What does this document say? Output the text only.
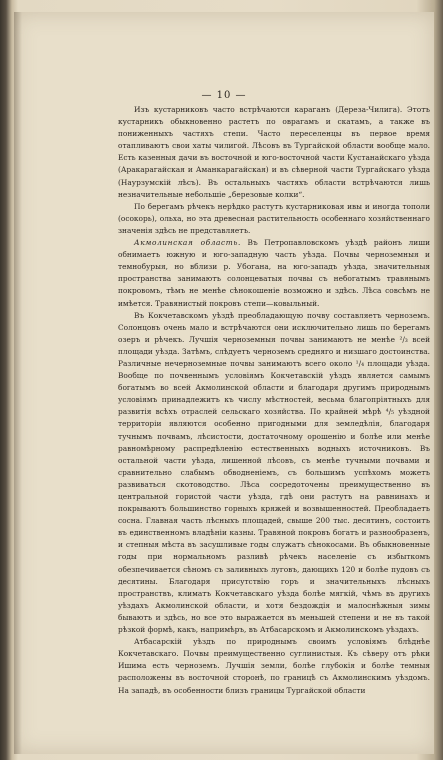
— 10 —

Изъ кустарниковъ часто встрѣчаются караганъ (Дереза-Чилига). Этотъ кустарникъ обыкновенно растетъ по оврагамъ и скатамъ, а также въ пониженныхъ частяхъ степи. Часто переселенцы въ первое время отапливаютъ свои хаты чилигой. Лѣсовъ въ Тургайской области вообще мало. Есть казенныя дачи въ восточной и юго-восточной части Кустанайскаго уѣзда (Аракарагайская и Аманкарагайская) и въ сѣверной части Тургайскаго уѣзда (Наурзумскій лѣсъ). Въ остальныхъ частяхъ области встрѣчаются лишь незначительные небольшіе „березовые колки“.

По берегамъ рѣчекъ нерѣдко растутъ кустарниковая ивы и иногда тополи (осокорь), ольха, но эта древесная растительность особеннаго хозяйственнаго значенія здѣсь не представляетъ.

Акмолинская область. Въ Петропавловскомъ уѣздѣ районъ лиши обнимаетъ южную и юго-западную часть уѣзда. Почвы черноземныя и темнобурыя, но вблизи р. Убогана, на юго-западъ уѣзда, значительныя пространства занимаютъ солонцеватыя почвы съ небогатымъ травянымъ покровомъ, тѣмъ не менѣе сѣнокошеніе возможно и здѣсь. Лѣса совсѣмъ не имѣется. Травянистый покровъ степи—ковыльный.

Въ Кокчетавскомъ уѣздѣ преобладающую почву составляетъ черноземъ. Солонцовъ очень мало и встрѣчаются они исключительно лишь по берегамъ озеръ и рѣчекъ. Лучшія черноземныя почвы занимаютъ не менѣе ²/₃ всей площади уѣзда. Затѣмъ, слѣдуетъ черноземъ средняго и низшаго достоинства. Различные нечерноземные почвы занимаютъ всего около ¹/₄ площади уѣзда. Вообще по почвеннымъ условіямъ Кокчетавскій уѣздъ является самымъ богатымъ во всей Акмолинской области и благодаря другимъ природнымъ условіямъ принадлежитъ къ числу мѣстностей, весьма благопріятныхъ для развитія всѣхъ отраслей сельскаго хозяйства. По крайней мѣрѣ ⁴/₅ уѣздной территоріи являются особенно пригодными для земледѣлія, благодаря тучнымъ почвамъ, лѣсистости, достаточному орошенію и болѣе или менѣе равномѣрному распредѣленію естественныхъ водныхъ источниковъ. Въ остальной части уѣзда, лишенной лѣсовъ, съ менѣе тучными почвами и сравнительно слабымъ обводненіемъ, съ большимъ успѣхомъ можетъ развиваться скотоводство. Лѣса сосредоточены преимущественно въ центральной гористой части уѣзда, гдѣ они растутъ на равнинахъ и покрываютъ большинство горныхъ кряжей и возвышенностей. Преобладаетъ сосна. Главная часть лѣсныхъ площадей, свыше 200 тыс. десятинъ, состоитъ въ единственномъ владѣніи казны. Травяной покровъ богатъ и разнообразенъ, и степныя мѣста въ засушливые годы служатъ сѣнокосами. Въ обыкновенные годы при нормальномъ разливѣ рѣчекъ населеніе съ избыткомъ обезпечивается сѣномъ съ заливныхъ луговъ, дающихъ 120 и болѣе пудовъ съ десятины. Благодаря присутствію горъ и значительныхъ лѣсныхъ пространствъ, климатъ Кокчетавскаго уѣзда болѣе мягкій, чѣмъ въ другихъ уѣздахъ Акмолинской области, и хотя бездождія и малоснѣжныя зимы бываютъ и здѣсь, но все это выражается въ меньшей степени и не въ такой рѣзкой формѣ, какъ, напримѣръ, въ Атбасарскомъ и Акмолинскомъ уѣздахъ.

Атбасарскій уѣздъ по природнымъ своимъ условіямъ блѣднѣе Кокчетавскаго. Почвы преимущественно суглинистыя. Къ сѣверу отъ рѣки Ишима есть черноземъ. Лучшія земли, болѣе глубокія и болѣе темныя расположены въ восточной сторонѣ, по границѣ съ Акмолинскимъ уѣздомъ. На западѣ, въ особенности близъ границы Тургайской области
